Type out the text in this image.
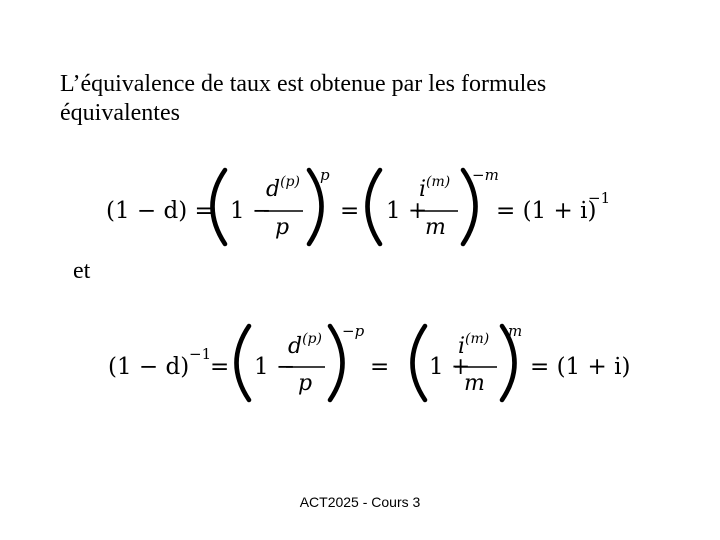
L’équivalence de taux est obtenue par les formules
équivalentes
(1 − d) = 1 −
$d^{(p)}$
p
p
= 1 +
$i^{(m)}$
m
−m
= (1 + i)
−1
et
(1 − d) −1
= 1 −
$d^{(p)}$
p
−p
= 1 +
$i^{(m)}$
m
m
= (1 + i)
ACT2025 - Cours 3
